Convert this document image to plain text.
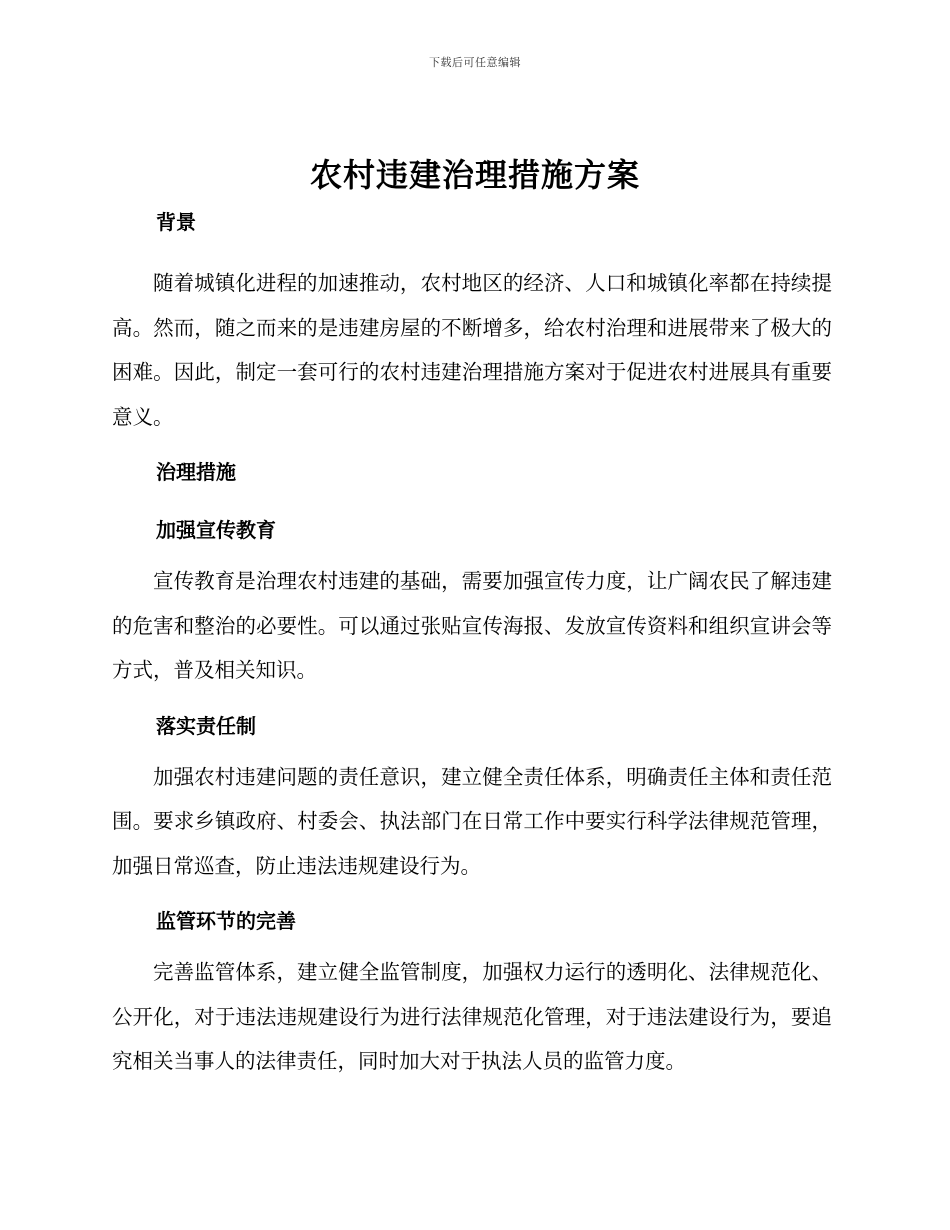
下载后可任意编辑
农村违建治理措施方案
背景

随着城镇化进程的加速推动，农村地区的经济、人口和城镇化率都在持续提高。然而，随之而来的是违建房屋的不断增多，给农村治理和进展带来了极大的困难。因此，制定一套可行的农村违建治理措施方案对于促进农村进展具有重要意义。

治理措施
加强宣传教育

宣传教育是治理农村违建的基础，需要加强宣传力度，让广阔农民了解违建的危害和整治的必要性。可以通过张贴宣传海报、发放宣传资料和组织宣讲会等方式，普及相关知识。

落实责任制

加强农村违建问题的责任意识，建立健全责任体系，明确责任主体和责任范围。要求乡镇政府、村委会、执法部门在日常工作中要实行科学法律规范管理，加强日常巡查，防止违法违规建设行为。

监管环节的完善

完善监管体系，建立健全监管制度，加强权力运行的透明化、法律规范化、公开化，对于违法违规建设行为进行法律规范化管理，对于违法建设行为，要追究相关当事人的法律责任，同时加大对于执法人员的监管力度。
